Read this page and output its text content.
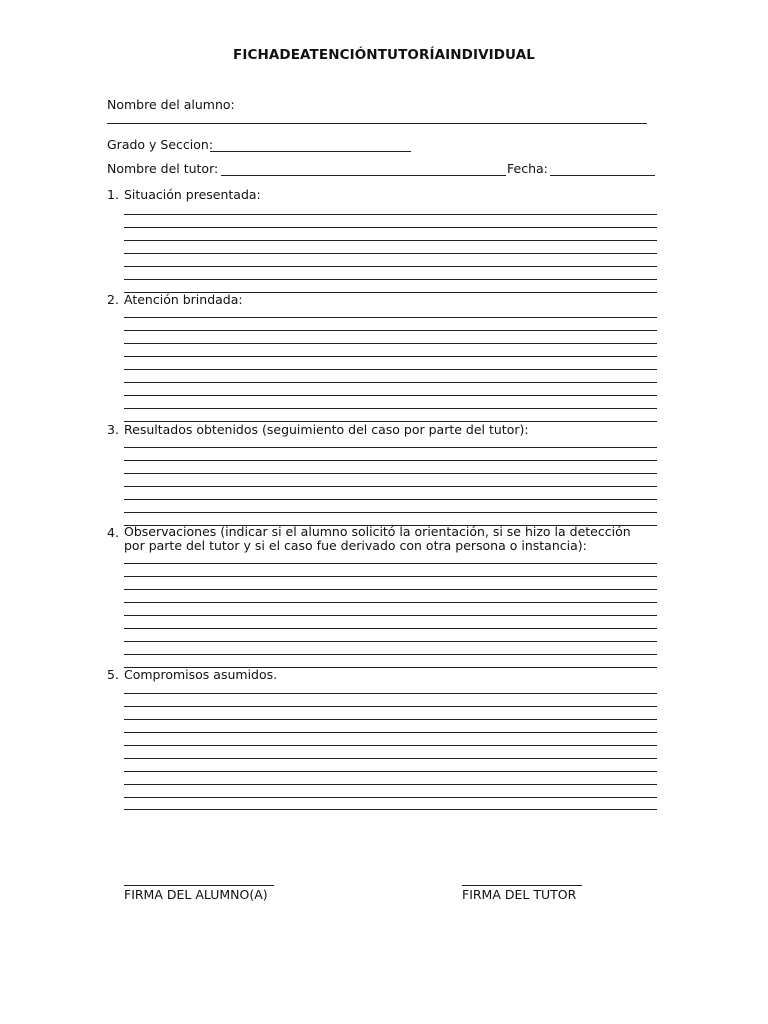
FICHADEATENCIÓNTUTORÍAINDIVIDUAL
Nombre del alumno:
Grado y Seccion:
Nombre del tutor:	Fecha:
1. Situación presentada:
2. Atención brindada:
3. Resultados obtenidos (seguimiento del caso por parte del tutor):
4. Observaciones (indicar si el alumno solicitó la orientación, si se hizo la detección por parte del tutor y si el caso fue derivado con otra persona o instancia):
5. Compromisos asumidos.
FIRMA DEL ALUMNO(A)	FIRMA DEL TUTOR
